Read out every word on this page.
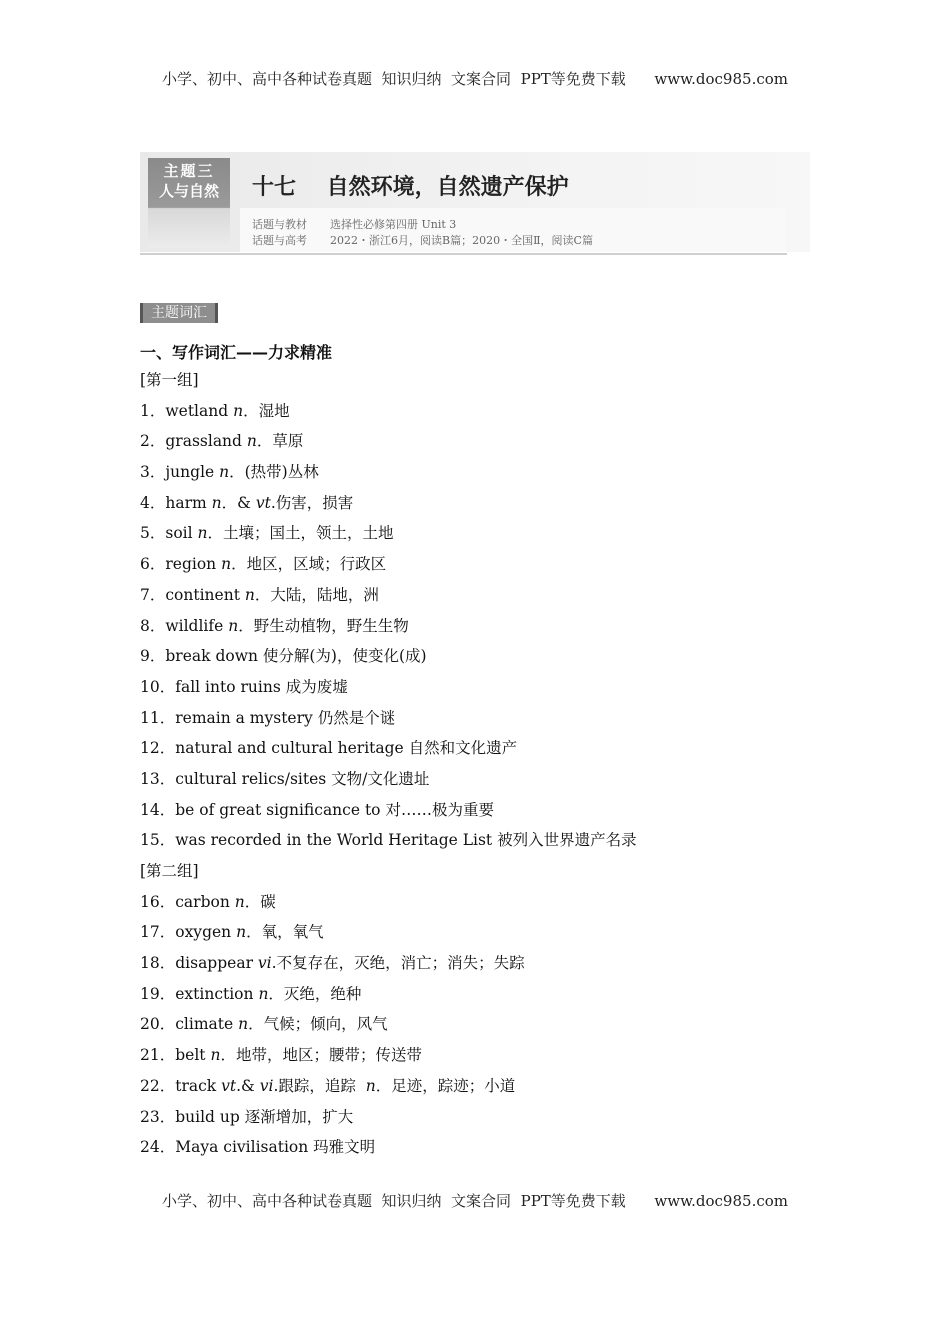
小学、初中、高中各种试卷真题  知识归纳  文案合同  PPT等免费下载      www.doc985.com
主题三
人与自然	十七    自然环境，自然遗产保护
话题与教材 选择性必修第四册 Unit 3
话题与高考 2022・浙江6月，阅读B篇；2020・全国Ⅱ，阅读C篇
主题词汇
一、写作词汇——力求精准
[第一组]
1．wetland n．湿地
2．grassland n．草原
3．jungle n．(热带)丛林
4．harm n．& vt.伤害，损害
5．soil n．土壤；国土，领土，土地
6．region n．地区，区域；行政区
7．continent n．大陆，陆地，洲
8．wildlife n．野生动植物，野生生物
9．break down 使分解(为)，使变化(成)
10．fall into ruins 成为废墟
11．remain a mystery 仍然是个谜
12．natural and cultural heritage 自然和文化遗产
13．cultural relics/sites 文物/文化遗址
14．be of great significance to 对……极为重要
15．was recorded in the World Heritage List 被列入世界遗产名录
[第二组]
16．carbon n．碳
17．oxygen n．氧，氧气
18．disappear vi.不复存在，灭绝，消亡；消失；失踪
19．extinction n．灭绝，绝种
20．climate n．气候；倾向，风气
21．belt n．地带，地区；腰带；传送带
22．track vt.& vi.跟踪，追踪  n．足迹，踪迹；小道
23．build up 逐渐增加，扩大
24．Maya civilisation 玛雅文明
小学、初中、高中各种试卷真题  知识归纳  文案合同  PPT等免费下载      www.doc985.com
